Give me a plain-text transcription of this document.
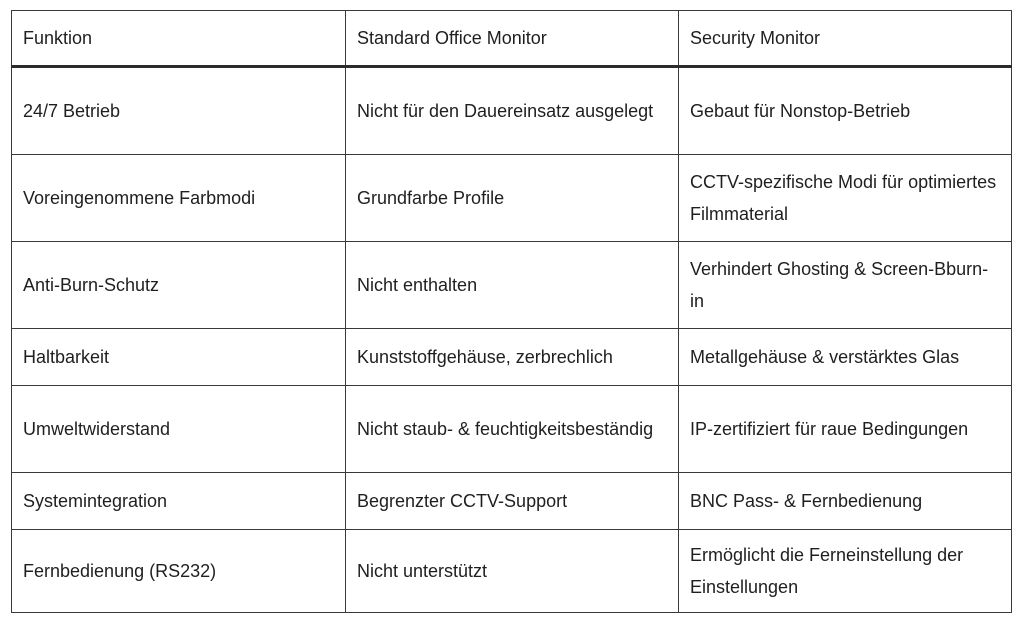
Funktion	Standard Office Monitor	Security Monitor
24/7 Betrieb	Nicht für den Dauereinsatz ausgelegt	Gebaut für Nonstop-Betrieb
Voreingenommene Farbmodi	Grundfarbe Profile	CCTV-spezifische Modi für optimiertes Filmmaterial
Anti-Burn-Schutz	Nicht enthalten	Verhindert Ghosting & Screen-Bburn-in
Haltbarkeit	Kunststoffgehäuse, zerbrechlich	Metallgehäuse & verstärktes Glas
Umweltwiderstand	Nicht staub- & feuchtigkeitsbeständig	IP-zertifiziert für raue Bedingungen
Systemintegration	Begrenzter CCTV-Support	BNC Pass- & Fernbedienung
Fernbedienung (RS232)	Nicht unterstützt	Ermöglicht die Ferneinstellung der Einstellungen
